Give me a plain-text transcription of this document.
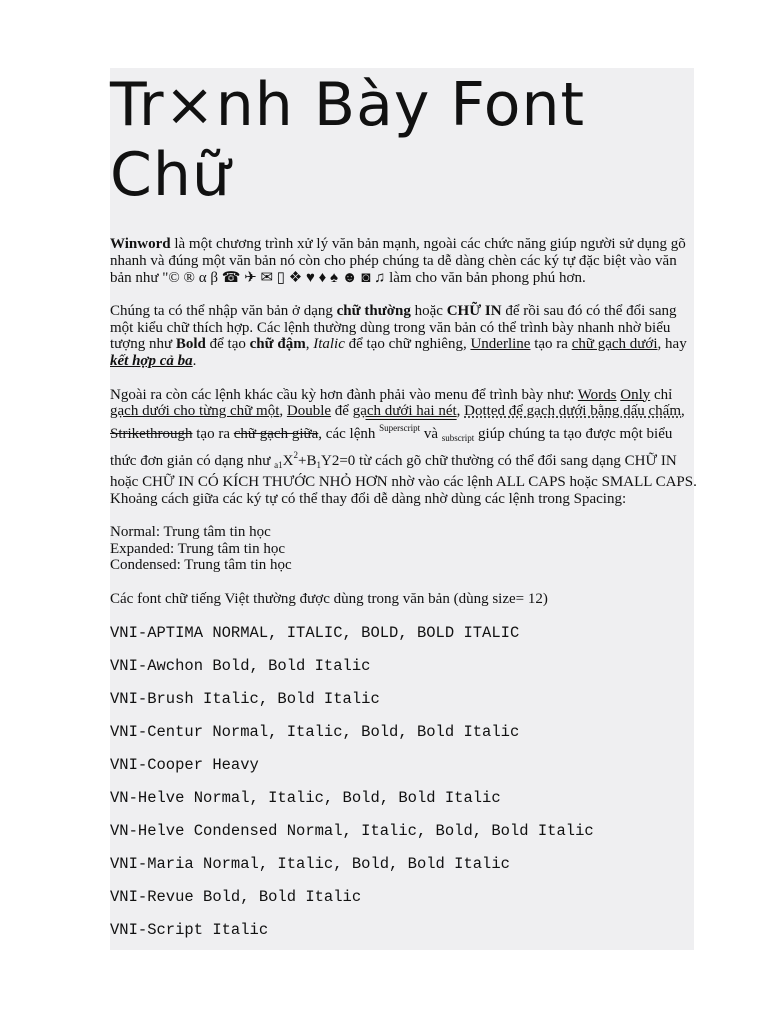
Tr×nh Bày Font
Chữ

Winword là một chương trình xử lý văn bản mạnh, ngoài các chức năng giúp người sử dụng gõ nhanh và đúng một văn bản nó còn cho phép chúng ta dễ dàng chèn các ký tự đặc biệt vào văn bản như "© ® α β ☎ ✈ ✉ ▯ ❖ ♥ ♦ ♠ ☻ ◙ ♫ làm cho văn bản phong phú hơn.

Chúng ta có thể nhập văn bản ở dạng chữ thường hoặc CHỮ IN để rồi sau đó có thể đổi sang một kiểu chữ thích hợp. Các lệnh thường dùng trong văn bản có thể trình bày nhanh nhờ biểu tượng như Bold để tạo chữ đậm, Italic để tạo chữ nghiêng, Underline tạo ra chữ gạch dưới, hay kết hợp cả ba.

Ngoài ra còn các lệnh khác cầu kỳ hơn đành phải vào menu để trình bày như: Words Only chỉ gạch dưới cho từng chữ một, Double để gạch dưới hai nét, Dotted để gạch dưới bằng dấu chấm, Strikethrough tạo ra chữ gạch giữa, các lệnh $^{Superscript}$ và $_{subscript}$ giúp chúng ta tạo được một biểu thức đơn giản có dạng như $_{a1}X^2+B_1Y2=0$ từ cách gõ chữ thường có thể đổi sang dạng CHỮ IN hoặc CHỮ IN CÓ KÍCH THƯỚC NHỎ HƠN nhờ vào các lệnh ALL CAPS hoặc SMALL CAPS. Khoảng cách giữa các ký tự có thể thay đổi dễ dàng nhờ dùng các lệnh trong Spacing:

Normal: Trung tâm tin học

Expanded: Trung tâm tin học

Condensed: Trung tâm tin học

Các font chữ tiếng Việt thường được dùng trong văn bản (dùng size= 12)

VNI-APTIMA NORMAL, ITALIC, BOLD, BOLD ITALIC
VNI-Awchon Bold, Bold Italic
VNI-Brush Italic, Bold Italic
VNI-Centur Normal, Italic, Bold, Bold Italic
VNI-Cooper Heavy
VN-Helve Normal, Italic, Bold, Bold Italic
VN-Helve Condensed Normal, Italic, Bold, Bold Italic
VNI-Maria Normal, Italic, Bold, Bold Italic
VNI-Revue Bold, Bold Italic
VNI-Script Italic
